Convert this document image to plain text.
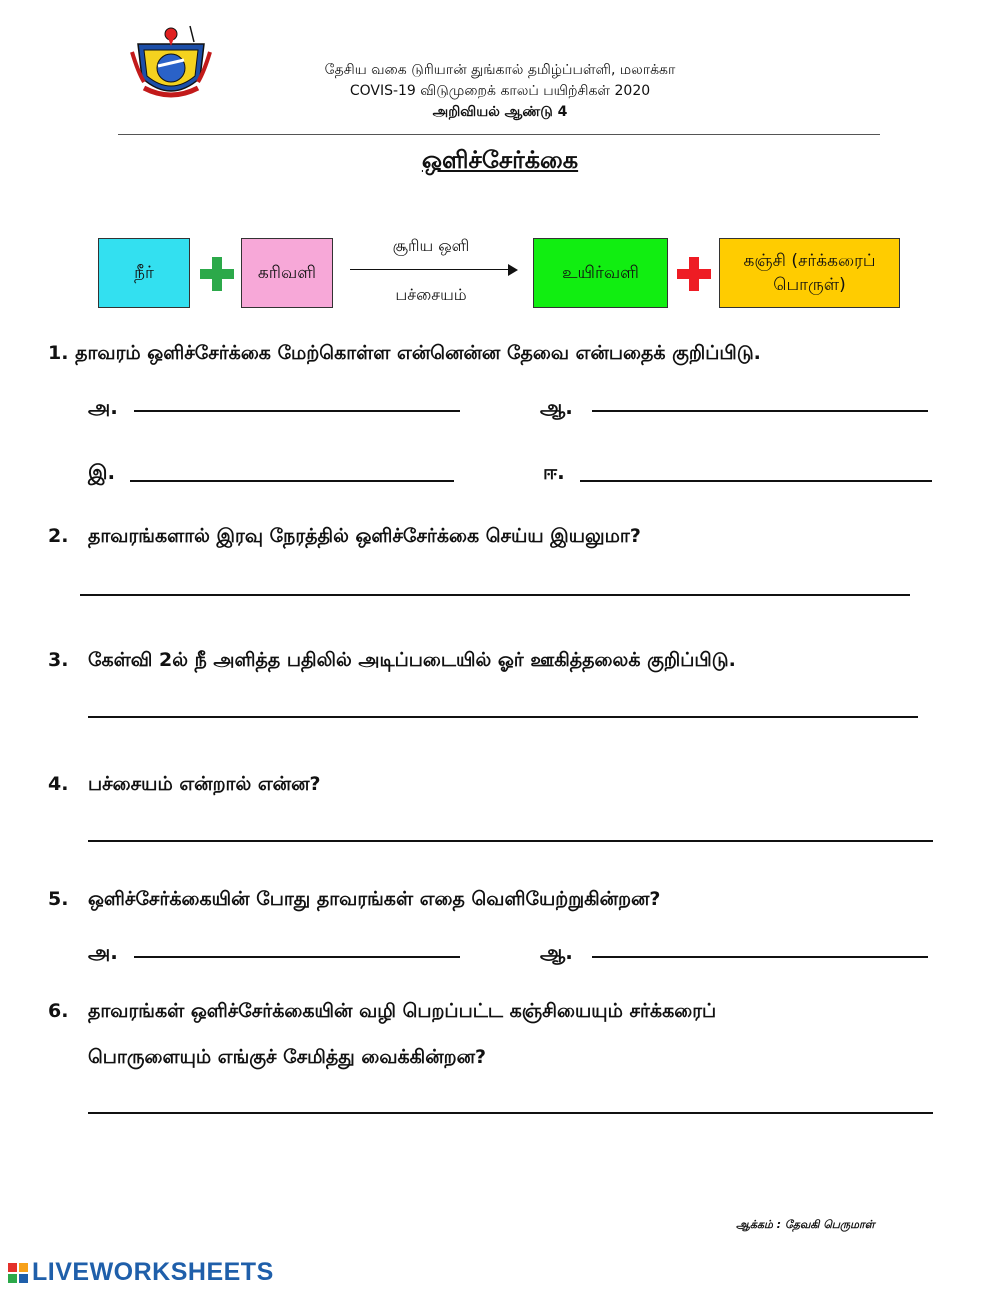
தேசிய வகை டுரியான் துங்கால் தமிழ்ப்பள்ளி, மலாக்கா
COVIS-19 விடுமுறைக் காலப் பயிற்சிகள் 2020
அறிவியல் ஆண்டு 4
ஒளிச்சேர்க்கை
நீர்	கரிவளி
சூரிய ஒளி
பச்சையம்
உயிர்வளி
கஞ்சி (சர்க்கரைப் பொருள்)
1. தாவரம் ஒளிச்சேர்க்கை மேற்கொள்ள என்னென்ன தேவை என்பதைக் குறிப்பிடு.
அ.	ஆ.
இ.	ஈ.
2. தாவரங்களால் இரவு நேரத்தில் ஒளிச்சேர்க்கை செய்ய இயலுமா?
3. கேள்வி 2ல் நீ அளித்த பதிலில் அடிப்படையில் ஓர் ஊகித்தலைக் குறிப்பிடு.
4. பச்சையம் என்றால் என்ன?
5. ஒளிச்சேர்க்கையின் போது தாவரங்கள் எதை வெளியேற்றுகின்றன?
அ.	ஆ.
6. தாவரங்கள் ஒளிச்சேர்க்கையின் வழி பெறப்பட்ட கஞ்சியையும் சர்க்கரைப்
பொருளையும் எங்குச் சேமித்து வைக்கின்றன?
ஆக்கம் : தேவகி பெருமாள்
LIVEWORKSHEETS
